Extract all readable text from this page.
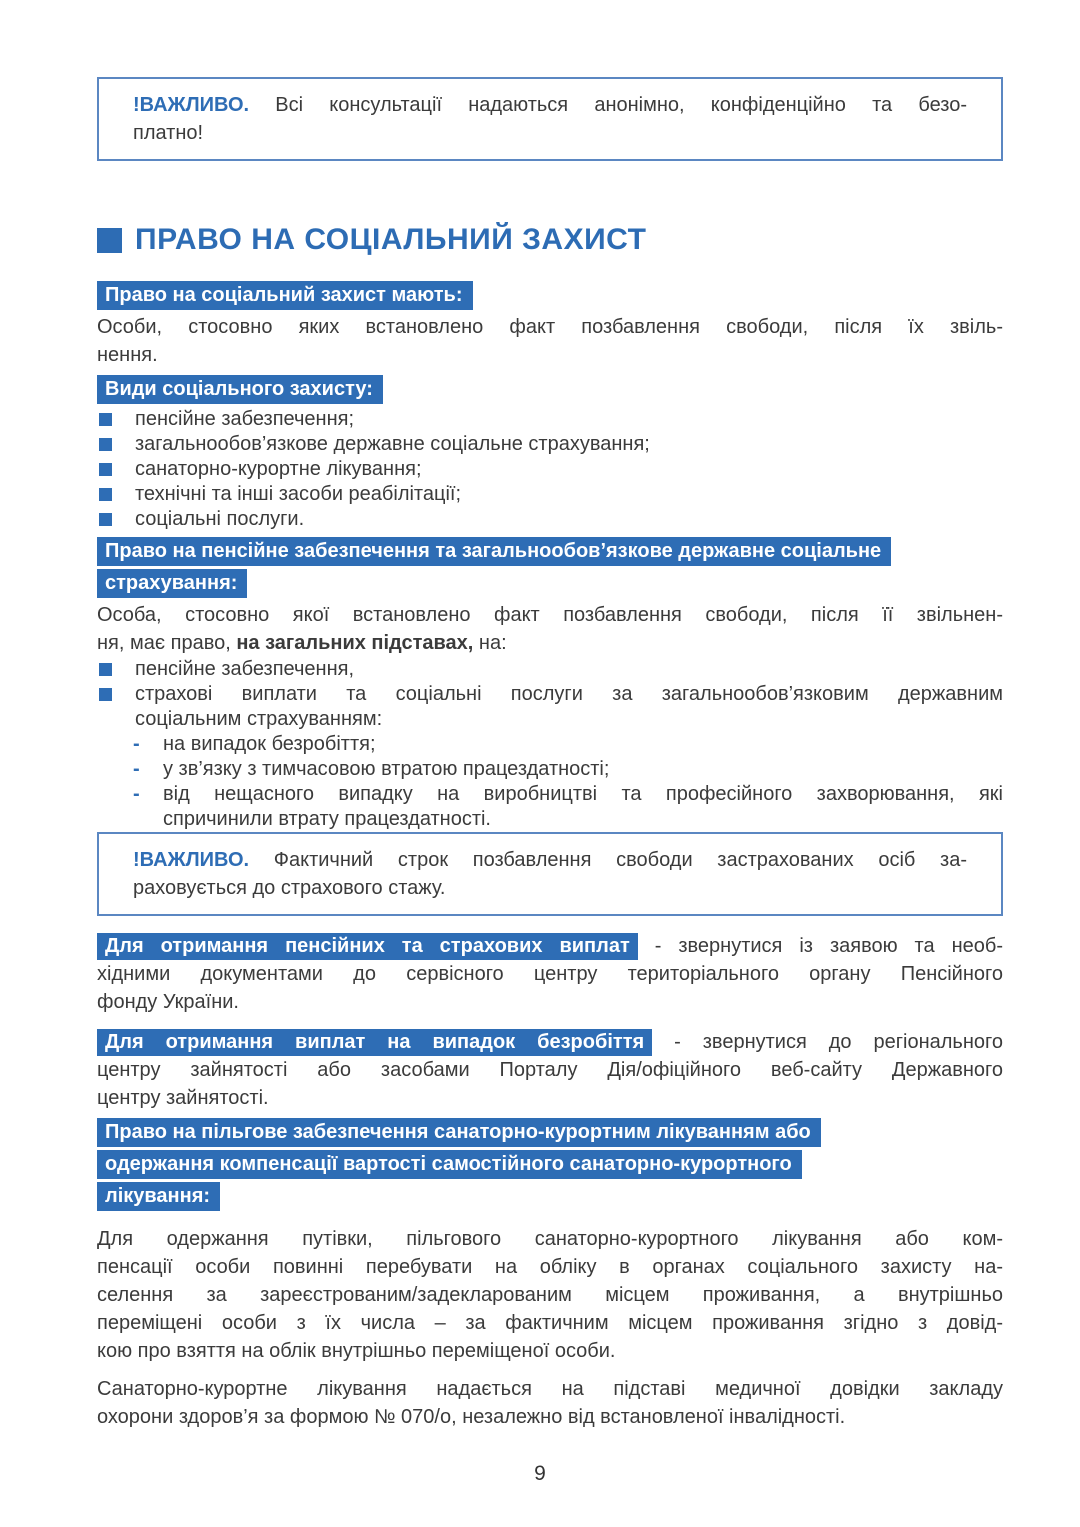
!ВАЖЛИВО. Всі консультації надаються анонімно, конфіденційно та безо-
платно!
ПРАВО НА СОЦІАЛЬНИЙ ЗАХИСТ
Право на соціальний захист мають:
Особи, стосовно яких встановлено факт позбавлення свободи, після їх звіль-
нення.
Види соціального захисту:
пенсійне забезпечення;
загальнообов’язкове державне соціальне страхування;
санаторно-курортне лікування;
технічні та інші засоби реабілітації;
соціальні послуги.
Право на пенсійне забезпечення та загальнообов’язкове державне соціальне
страхування:
Особа, стосовно якої встановлено факт позбавлення свободи, після її звільнен-
ня, має право, на загальних підставах, на:
пенсійне забезпечення,
страхові виплати та соціальні послуги за загальнообов’язковим державним
соціальним страхуванням:
-	на випадок безробіття;
-	у зв’язку з тимчасовою втратою працездатності;
-	від нещасного випадку на виробництві та професійного захворювання, які
спричинили втрату працездатності.
!ВАЖЛИВО. Фактичний строк позбавлення свободи застрахованих осіб за-
раховується до страхового стажу.
Для отримання пенсійних та страхових виплат - звернутися із заявою та необ-
хідними документами до сервісного центру територіального органу Пенсійного
фонду України.
Для отримання виплат на випадок безробіття - звернутися до регіонального
центру зайнятості або засобами Порталу Дія/офіційного веб-сайту Державного
центру зайнятості.
Право на пільгове забезпечення санаторно-курортним лікуванням або
одержання компенсації вартості самостійного санаторно-курортного
лікування:
Для одержання путівки, пільгового санаторно-курортного лікування або ком-
пенсації особи повинні перебувати на обліку в органах соціального захисту на-
селення за зареєстрованим/задекларованим місцем проживання, а внутрішньо
переміщені особи з їх числа – за фактичним місцем проживання згідно з довід-
кою про взяття на облік внутрішньо переміщеної особи.
Санаторно-курортне лікування надається на підставі медичної довідки закладу
охорони здоров’я за формою № 070/о, незалежно від встановленої інвалідності.
9
